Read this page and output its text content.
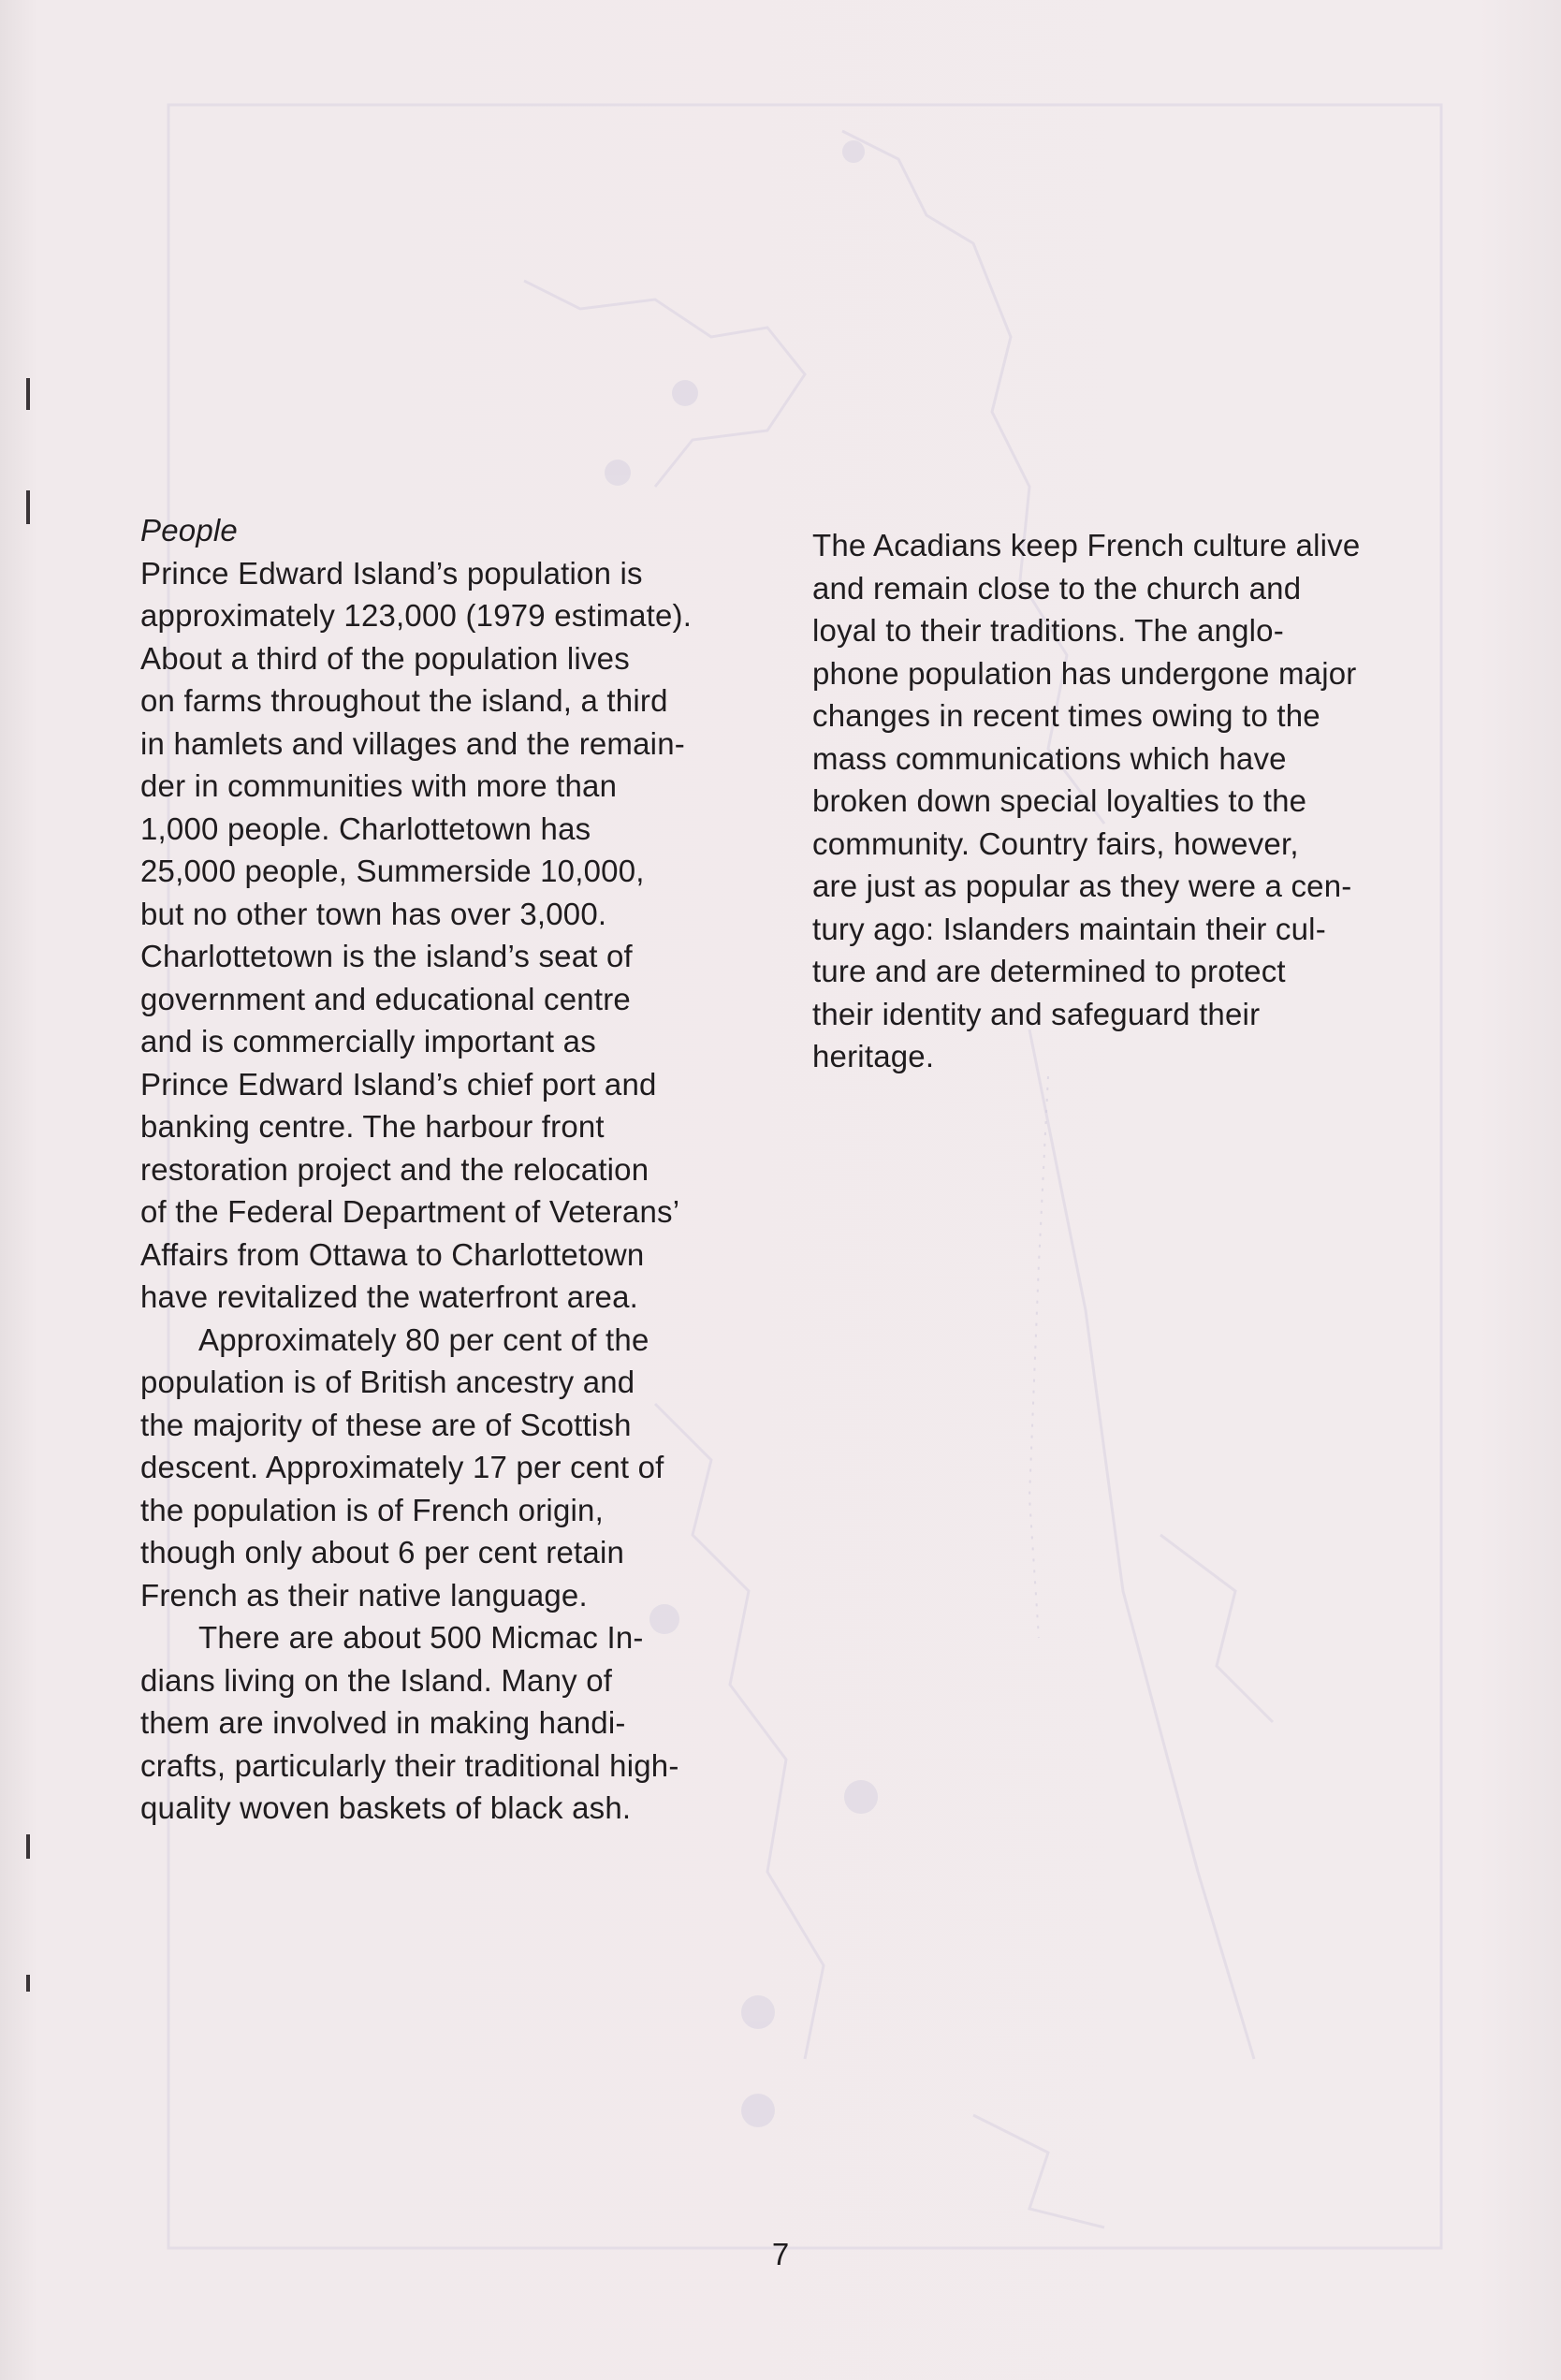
People
Prince Edward Island’s population is
approximately 123,000 (1979 estimate).
About a third of the population lives
on farms throughout the island, a third
in hamlets and villages and the remain-
der in communities with more than
1,000 people. Charlottetown has
25,000 people, Summerside 10,000,
but no other town has over 3,000.
Charlottetown is the island’s seat of
government and educational centre
and is commercially important as
Prince Edward Island’s chief port and
banking centre. The harbour front
restoration project and the relocation
of the Federal Department of Veterans’
Affairs from Ottawa to Charlottetown
have revitalized the waterfront area.
Approximately 80 per cent of the
population is of British ancestry and
the majority of these are of Scottish
descent. Approximately 17 per cent of
the population is of French origin,
though only about 6 per cent retain
French as their native language.
There are about 500 Micmac In-
dians living on the Island. Many of
them are involved in making handi-
crafts, particularly their traditional high-
quality woven baskets of black ash.
The Acadians keep French culture alive
and remain close to the church and
loyal to their traditions. The anglo-
phone population has undergone major
changes in recent times owing to the
mass communications which have
broken down special loyalties to the
community. Country fairs, however,
are just as popular as they were a cen-
tury ago: Islanders maintain their cul-
ture and are determined to protect
their identity and safeguard their
heritage.
7
